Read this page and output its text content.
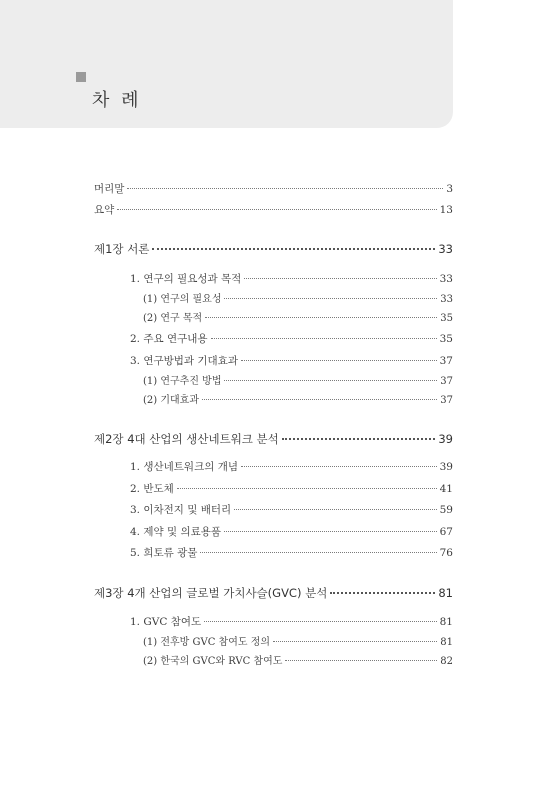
차 례
머리말	3
요약	13
제1장 서론	33
1. 연구의 필요성과 목적	33
(1) 연구의 필요성	33
(2) 연구 목적	35
2. 주요 연구내용	35
3. 연구방법과 기대효과	37
(1) 연구추진 방법	37
(2) 기대효과	37
제2장 4대 산업의 생산네트워크 분석	39
1. 생산네트워크의 개념	39
2. 반도체	41
3. 이차전지 및 배터리	59
4. 제약 및 의료용품	67
5. 희토류 광물	76
제3장 4개 산업의 글로벌 가치사슬(GVC) 분석	81
1. GVC 참여도	81
(1) 전후방 GVC 참여도 정의	81
(2) 한국의 GVC와 RVC 참여도	82
